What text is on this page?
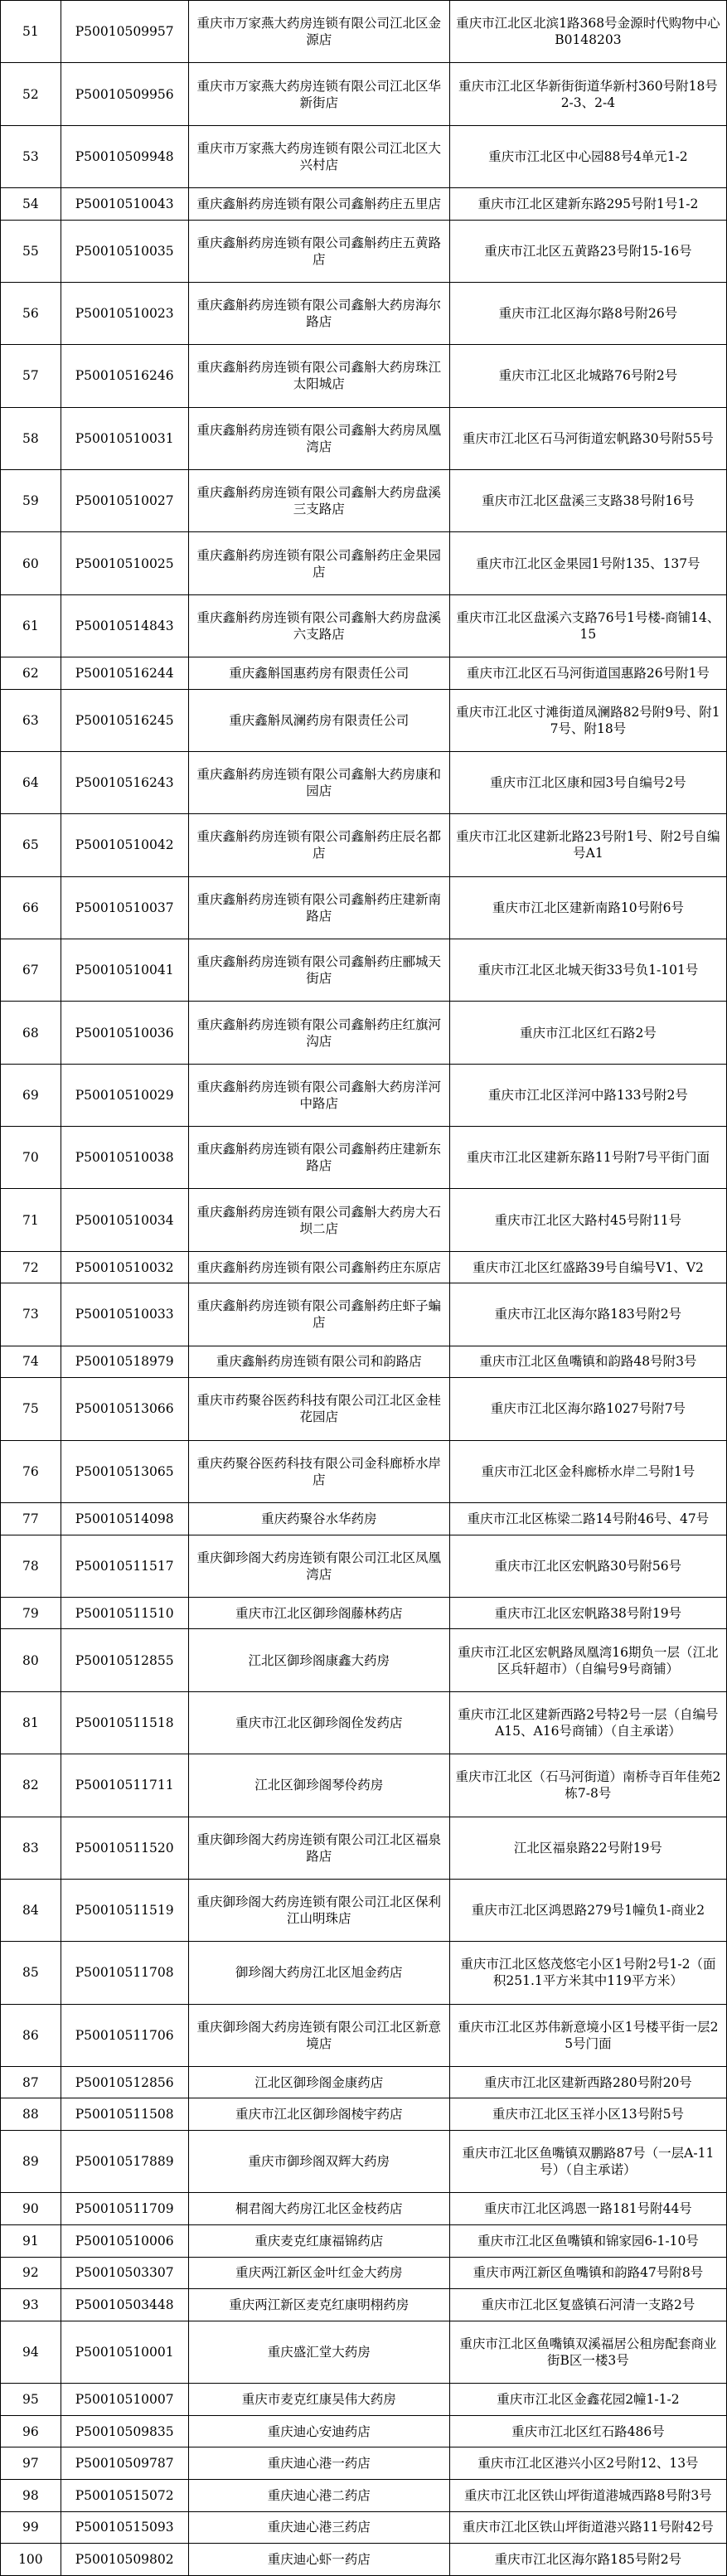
51	P50010509957	重庆市万家燕大药房连锁有限公司江北区金源店	重庆市江北区北滨1路368号金源时代购物中心B0148203
52	P50010509956	重庆市万家燕大药房连锁有限公司江北区华新街店	重庆市江北区华新街街道华新村360号附18号2-3、2-4
53	P50010509948	重庆市万家燕大药房连锁有限公司江北区大兴村店	重庆市江北区中心园88号4单元1-2
54	P50010510043	重庆鑫斛药房连锁有限公司鑫斛药庄五里店	重庆市江北区建新东路295号附1号1-2
55	P50010510035	重庆鑫斛药房连锁有限公司鑫斛药庄五黄路店	重庆市江北区五黄路23号附15-16号
56	P50010510023	重庆鑫斛药房连锁有限公司鑫斛大药房海尔路店	重庆市江北区海尔路8号附26号
57	P50010516246	重庆鑫斛药房连锁有限公司鑫斛大药房珠江太阳城店	重庆市江北区北城路76号附2号
58	P50010510031	重庆鑫斛药房连锁有限公司鑫斛大药房凤凰湾店	重庆市江北区石马河街道宏帆路30号附55号
59	P50010510027	重庆鑫斛药房连锁有限公司鑫斛大药房盘溪三支路店	重庆市江北区盘溪三支路38号附16号
60	P50010510025	重庆鑫斛药房连锁有限公司鑫斛药庄金果园店	重庆市江北区金果园1号附135、137号
61	P50010514843	重庆鑫斛药房连锁有限公司鑫斛大药房盘溪六支路店	重庆市江北区盘溪六支路76号1号楼-商铺14、15
62	P50010516244	重庆鑫斛国惠药房有限责任公司	重庆市江北区石马河街道国惠路26号附1号
63	P50010516245	重庆鑫斛凤澜药房有限责任公司	重庆市江北区寸滩街道凤澜路82号附9号、附17号、附18号
64	P50010516243	重庆鑫斛药房连锁有限公司鑫斛大药房康和园店	重庆市江北区康和园3号自编号2号
65	P50010510042	重庆鑫斛药房连锁有限公司鑫斛药庄辰名都店	重庆市江北区建新北路23号附1号、附2号自编号A1
66	P50010510037	重庆鑫斛药房连锁有限公司鑫斛药庄建新南路店	重庆市江北区建新南路10号附6号
67	P50010510041	重庆鑫斛药房连锁有限公司鑫斛药庄郦城天街店	重庆市江北区北城天街33号负1-101号
68	P50010510036	重庆鑫斛药房连锁有限公司鑫斛药庄红旗河沟店	重庆市江北区红石路2号
69	P50010510029	重庆鑫斛药房连锁有限公司鑫斛大药房洋河中路店	重庆市江北区洋河中路133号附2号
70	P50010510038	重庆鑫斛药房连锁有限公司鑫斛药庄建新东路店	重庆市江北区建新东路11号附7号平街门面
71	P50010510034	重庆鑫斛药房连锁有限公司鑫斛大药房大石坝二店	重庆市江北区大路村45号附11号
72	P50010510032	重庆鑫斛药房连锁有限公司鑫斛药庄东原店	重庆市江北区红盛路39号自编号V1、V2
73	P50010510033	重庆鑫斛药房连锁有限公司鑫斛药庄虾子蝙店	重庆市江北区海尔路183号附2号
74	P50010518979	重庆鑫斛药房连锁有限公司和韵路店	重庆市江北区鱼嘴镇和韵路48号附3号
75	P50010513066	重庆市药聚谷医药科技有限公司江北区金桂花园店	重庆市江北区海尔路1027号附7号
76	P50010513065	重庆药聚谷医药科技有限公司金科廊桥水岸店	重庆市江北区金科廊桥水岸二号附1号
77	P50010514098	重庆药聚谷水华药房	重庆市江北区栋梁二路14号附46号、47号
78	P50010511517	重庆御珍阁大药房连锁有限公司江北区凤凰湾店	重庆市江北区宏帆路30号附56号
79	P50010511510	重庆市江北区御珍阁藤林药店	重庆市江北区宏帆路38号附19号
80	P50010512855	江北区御珍阁康鑫大药房	重庆市江北区宏帆路凤凰湾16期负一层（江北区兵轩超市）（自编号9号商铺）
81	P50010511518	重庆市江北区御珍阁佺发药店	重庆市江北区建新西路2号特2号一层（自编号A15、A16号商铺）（自主承诺）
82	P50010511711	江北区御珍阁琴伶药房	重庆市江北区（石马河街道）南桥寺百年佳苑2栋7-8号
83	P50010511520	重庆御珍阁大药房连锁有限公司江北区福泉路店	江北区福泉路22号附19号
84	P50010511519	重庆御珍阁大药房连锁有限公司江北区保利江山明珠店	重庆市江北区鸿恩路279号1幢负1-商业2
85	P50010511708	御珍阁大药房江北区旭金药店	重庆市江北区悠茂悠宅小区1号附2号1-2（面积251.1平方米其中119平方米）
86	P50010511706	重庆御珍阁大药房连锁有限公司江北区新意境店	重庆市江北区苏伟新意境小区1号楼平街一层25号门面
87	P50010512856	江北区御珍阁金康药店	重庆市江北区建新西路280号附20号
88	P50010511508	重庆市江北区御珍阁棱宇药店	重庆市江北区玉祥小区13号附5号
89	P50010517889	重庆市御珍阁双辉大药房	重庆市江北区鱼嘴镇双鹏路87号（一层A-11号）（自主承诺）
90	P50010511709	桐君阁大药房江北区金枝药店	重庆市江北区鸿恩一路181号附44号
91	P50010510006	重庆麦克红康福锦药店	重庆市江北区鱼嘴镇和锦家园6-1-10号
92	P50010503307	重庆两江新区金叶红金大药房	重庆市两江新区鱼嘴镇和韵路47号附8号
93	P50010503448	重庆两江新区麦克红康明栩药房	重庆市江北区复盛镇石河清一支路2号
94	P50010510001	重庆盛汇堂大药房	重庆市江北区鱼嘴镇双溪福居公租房配套商业街B区一楼3号
95	P50010510007	重庆市麦克红康吴伟大药房	重庆市江北区金鑫花园2幢1-1-2
96	P50010509835	重庆迪心安迪药店	重庆市江北区红石路486号
97	P50010509787	重庆迪心港一药店	重庆市江北区港兴小区2号附12、13号
98	P50010515072	重庆迪心港二药店	重庆市江北区铁山坪街道港城西路8号附3号
99	P50010515093	重庆迪心港三药店	重庆市江北区铁山坪街道港兴路11号附42号
100	P50010509802	重庆迪心虾一药店	重庆市江北区海尔路185号附2号
